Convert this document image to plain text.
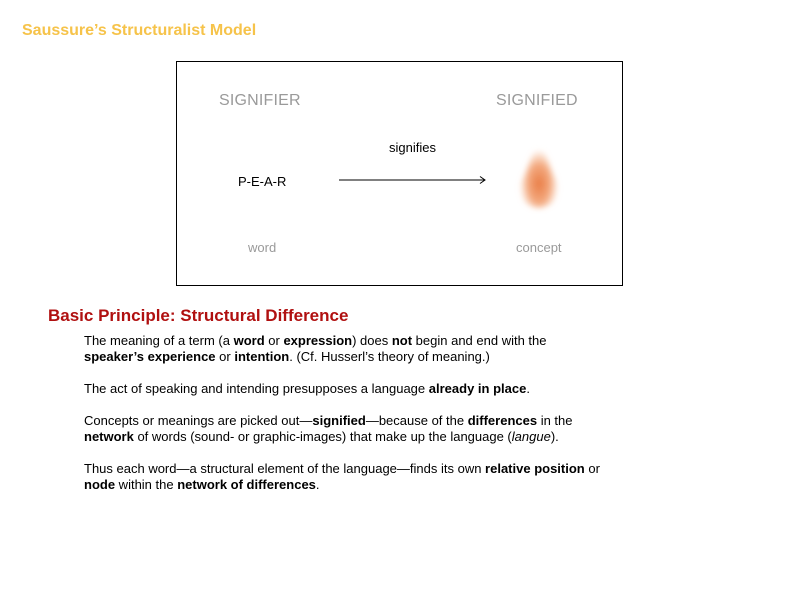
Saussure’s Structuralist Model
SIGNIFIER	SIGNIFIED
signifies
P-E-A-R
word	concept
Basic Principle: Structural Difference

The meaning of a term (a word or expression) does not begin and end with the speaker’s experience or intention. (Cf. Husserl’s theory of meaning.)

The act of speaking and intending presupposes a language already in place.

Concepts or meanings are picked out—signified—because of the differences in the network of words (sound- or graphic-images) that make up the language (langue).

Thus each word—a structural element of the language—finds its own relative position or node within the network of differences.
